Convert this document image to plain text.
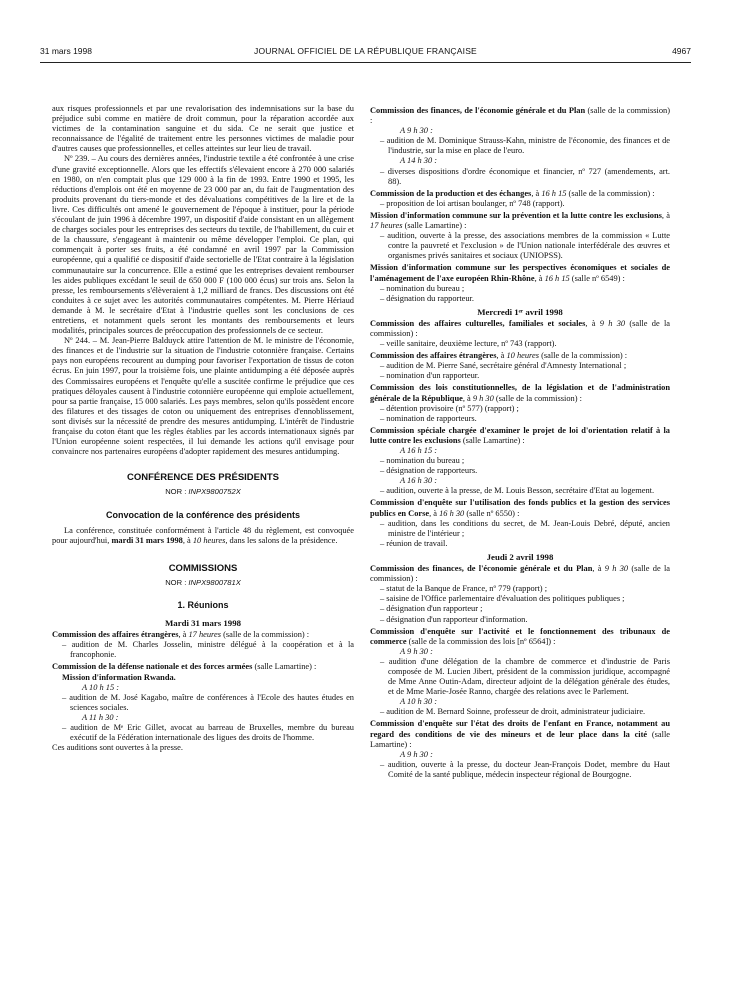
31 mars 1998	JOURNAL OFFICIEL DE LA RÉPUBLIQUE FRANÇAISE	4967

aux risques professionnels et par une revalorisation des indemnisations sur la base du préjudice subi comme en matière de droit commun, pour la réparation accordée aux victimes de la contamination sanguine et du sida. Ce ne serait que justice et reconnaissance de l'égalité de traitement entre les personnes victimes de maladie pour d'autres causes que professionnelles, et celles atteintes sur leur lieu de travail.

Nº 239. – Au cours des dernières années, l'industrie textile a été confrontée à une crise d'une gravité exceptionnelle. Alors que les effectifs s'élevaient encore à 270 000 salariés en 1980, on n'en comptait plus que 129 000 à la fin de 1993. Entre 1990 et 1995, les réductions d'emplois ont été en moyenne de 23 000 par an, du fait de l'augmentation des produits provenant du tiers-monde et des dévaluations compétitives de la lire et de la livre. Ces difficultés ont amené le gouvernement de l'époque à instituer, pour la période s'écoulant de juin 1996 à décembre 1997, un dispositif d'aide consistant en un allègement de charges sociales pour les entreprises des secteurs du textile, de l'habillement, du cuir et de la chaussure, s'engageant à maintenir ou même développer l'emploi. Ce plan, qui commençait à porter ses fruits, a été condamné en avril 1997 par la Commission européenne, qui a qualifié ce dispositif d'aide sectorielle de l'Etat contraire à la législation communautaire sur la concurrence. Elle a estimé que les entreprises devaient rembourser les aides publiques excédant le seuil de 650 000 F (100 000 écus) sur trois ans. Selon la presse, les remboursements s'élèveraient à 1,2 milliard de francs. Des discussions ont été conduites à ce sujet avec les autorités communautaires compétentes. M. Pierre Hériaud demande à M. le secrétaire d'Etat à l'industrie quelles sont les conclusions de ces entretiens, et notamment quels seront les montants des remboursements et leurs modalités, principales sources de préoccupation des professionnels de ce secteur.

Nº 244. – M. Jean-Pierre Balduyck attire l'attention de M. le ministre de l'économie, des finances et de l'industrie sur la situation de l'industrie cotonnière française. Certains pays non européens recourent au dumping pour favoriser l'exportation de tissus de coton écrus. En juin 1997, pour la troisième fois, une plainte antidumping a été déposée auprès des Commissaires européens et l'enquête qu'elle a suscitée confirme le préjudice que ces pratiques déloyales causent à l'industrie cotonnière européenne qui emploie actuellement, pour sa partie française, 15 000 salariés. Les pays membres, selon qu'ils possèdent encore des filatures et des tissages de coton ou uniquement des entreprises d'ennoblissement, sont divisés sur la nécessité de prendre des mesures antidumping. L'intérêt de l'industrie française du coton étant que les règles établies par les accords internationaux signés par l'Union européenne soient respectées, il lui demande les actions qu'il envisage pour convaincre nos partenaires européens d'adopter rapidement des mesures antidumping.

CONFÉRENCE DES PRÉSIDENTS
NOR : INPX9800752X
Convocation de la conférence des présidents

La conférence, constituée conformément à l'article 48 du règlement, est convoquée pour aujourd'hui, mardi 31 mars 1998, à 10 heures, dans les salons de la présidence.

COMMISSIONS
NOR : INPX9800781X
1. Réunions
Mardi 31 mars 1998

Commission des affaires étrangères, à 17 heures (salle de la commission) :

– audition de M. Charles Josselin, ministre délégué à la coopération et à la francophonie.

Commission de la défense nationale et des forces armées (salle Lamartine) :

Mission d'information Rwanda.

A 10 h 15 :

– audition de M. José Kagabo, maître de conférences à l'Ecole des hautes études en sciences sociales.

A 11 h 30 :

– audition de Mᵉ Eric Gillet, avocat au barreau de Bruxelles, membre du bureau exécutif de la Fédération internationale des ligues des droits de l'homme.

Ces auditions sont ouvertes à la presse.

Commission des finances, de l'économie générale et du Plan (salle de la commission) :

A 9 h 30 :

– audition de M. Dominique Strauss-Kahn, ministre de l'économie, des finances et de l'industrie, sur la mise en place de l'euro.

A 14 h 30 :

– diverses dispositions d'ordre économique et financier, nº 727 (amendements, art. 88).

Commission de la production et des échanges, à 16 h 15 (salle de la commission) :

– proposition de loi artisan boulanger, nº 748 (rapport).

Mission d'information commune sur la prévention et la lutte contre les exclusions, à 17 heures (salle Lamartine) :

– audition, ouverte à la presse, des associations membres de la commission « Lutte contre la pauvreté et l'exclusion » de l'Union nationale interfédérale des œuvres et organismes privés sanitaires et sociaux (UNIOPSS).

Mission d'information commune sur les perspectives économiques et sociales de l'aménagement de l'axe européen Rhin-Rhône, à 16 h 15 (salle nº 6549) :

– nomination du bureau ;

– désignation du rapporteur.

Mercredi 1ᵉʳ avril 1998

Commission des affaires culturelles, familiales et sociales, à 9 h 30 (salle de la commission) :

– veille sanitaire, deuxième lecture, nº 743 (rapport).

Commission des affaires étrangères, à 10 heures (salle de la commission) :

– audition de M. Pierre Sané, secrétaire général d'Amnesty International ;

– nomination d'un rapporteur.

Commission des lois constitutionnelles, de la législation et de l'administration générale de la République, à 9 h 30 (salle de la commission) :

– détention provisoire (nº 577) (rapport) ;

– nomination de rapporteurs.

Commission spéciale chargée d'examiner le projet de loi d'orientation relatif à la lutte contre les exclusions (salle Lamartine) :

A 16 h 15 :

– nomination du bureau ;

– désignation de rapporteurs.

A 16 h 30 :

– audition, ouverte à la presse, de M. Louis Besson, secrétaire d'Etat au logement.

Commission d'enquête sur l'utilisation des fonds publics et la gestion des services publics en Corse, à 16 h 30 (salle nº 6550) :

– audition, dans les conditions du secret, de M. Jean-Louis Debré, député, ancien ministre de l'intérieur ;

– réunion de travail.

Jeudi 2 avril 1998

Commission des finances, de l'économie générale et du Plan, à 9 h 30 (salle de la commission) :

– statut de la Banque de France, nº 779 (rapport) ;

– saisine de l'Office parlementaire d'évaluation des politiques publiques ;

– désignation d'un rapporteur ;

– désignation d'un rapporteur d'information.

Commission d'enquête sur l'activité et le fonctionnement des tribunaux de commerce (salle de la commission des lois [nº 6564]) :

A 9 h 30 :

– audition d'une délégation de la chambre de commerce et d'industrie de Paris composée de M. Lucien Jibert, président de la commission juridique, accompagné de Mme Anne Outin-Adam, directeur adjoint de la délégation générale des études, et de Mme Marie-Josée Ranno, chargée des relations avec le Parlement.

A 10 h 30 :

– audition de M. Bernard Soinne, professeur de droit, administrateur judiciaire.

Commission d'enquête sur l'état des droits de l'enfant en France, notamment au regard des conditions de vie des mineurs et de leur place dans la cité (salle Lamartine) :

A 9 h 30 :

– audition, ouverte à la presse, du docteur Jean-François Dodet, membre du Haut Comité de la santé publique, médecin inspecteur régional de Bourgogne.
